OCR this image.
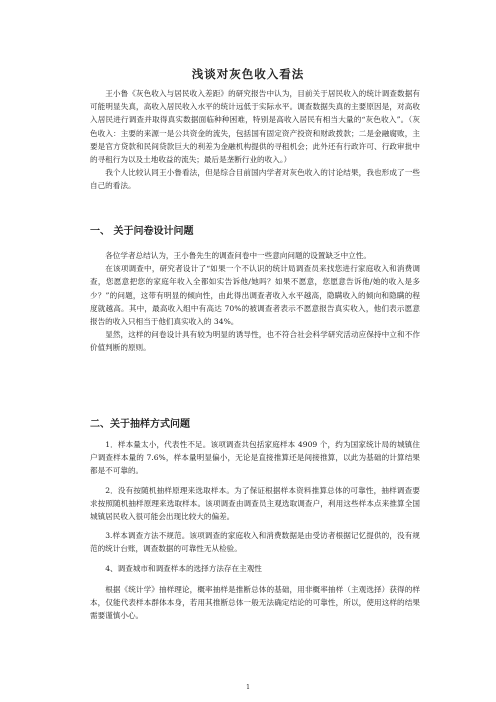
浅谈对灰色收入看法

王小鲁《灰色收入与居民收入差距》的研究报告中认为，目前关于居民收入的统计调查数据有可能明显失真，高收入居民收入水平的统计远低于实际水平。调查数据失真的主要原因是，对高收入居民进行调查并取得真实数据面临种种困难，特别是高收入居民有相当大量的“灰色收入”。（灰色收入：主要的来源一是公共资金的流失，包括国有固定资产投资和财政拨款；二是金融腐败，主要是官方贷款和民间贷款巨大的利差为金融机构提供的寻租机会；此外还有行政许可、行政审批中的寻租行为以及土地收益的流失；最后是垄断行业的收入。）

我个人比较认同王小鲁看法，但是综合目前国内学者对灰色收入的讨论结果，我也形成了一些自己的看法。

一、 关于问卷设计问题

各位学者总结认为，王小鲁先生的调查问卷中一些意向问题的设置缺乏中立性。

在该项调查中，研究者设计了“如果一个不认识的统计局调查员来找您进行家庭收入和消费调查，您愿意把您的家庭年收入全都如实告诉他/她吗？如果不愿意，您愿意告诉他/她的收入是多少？”的问题，这带有明显的倾向性，由此得出调查者收入水平越高，隐瞒收入的倾向和隐瞒的程度就越高。其中，最高收入组中有高达 70%的被调查者表示不愿意报告真实收入，他们表示愿意报告的收入只相当于他们真实收入的 34%。

显然，这样的问卷设计具有较为明显的诱导性，也不符合社会科学研究活动应保持中立和不作价值判断的原则。

二、关于抽样方式问题

1．样本量太小，代表性不足。该项调查共包括家庭样本 4909 个，约为国家统计局的城镇住户调查样本量的 7.6%，样本量明显偏小，无论是直接推算还是间接推算，以此为基础的计算结果都是不可靠的。

2．没有按随机抽样原理来选取样本。为了保证根据样本资料推算总体的可靠性，抽样调查要求按照随机抽样原理来选取样本。该项调查由调查员主观选取调查户，利用这些样本点来推算全国城镇居民收入很可能会出现比较大的偏差。

3.样本调查方法不规范。该项调查的家庭收入和消费数据是由受访者根据记忆提供的，没有规范的统计台账，调查数据的可靠性无从检验。

4、调查城市和调查样本的选择方法存在主观性

根据《统计学》抽样理论，概率抽样是推断总体的基础，用非概率抽样（主观选择）获得的样本，仅能代表样本群体本身，若用其推断总体一般无法确定结论的可靠性，所以，使用这样的结果需要谨慎小心。

1
